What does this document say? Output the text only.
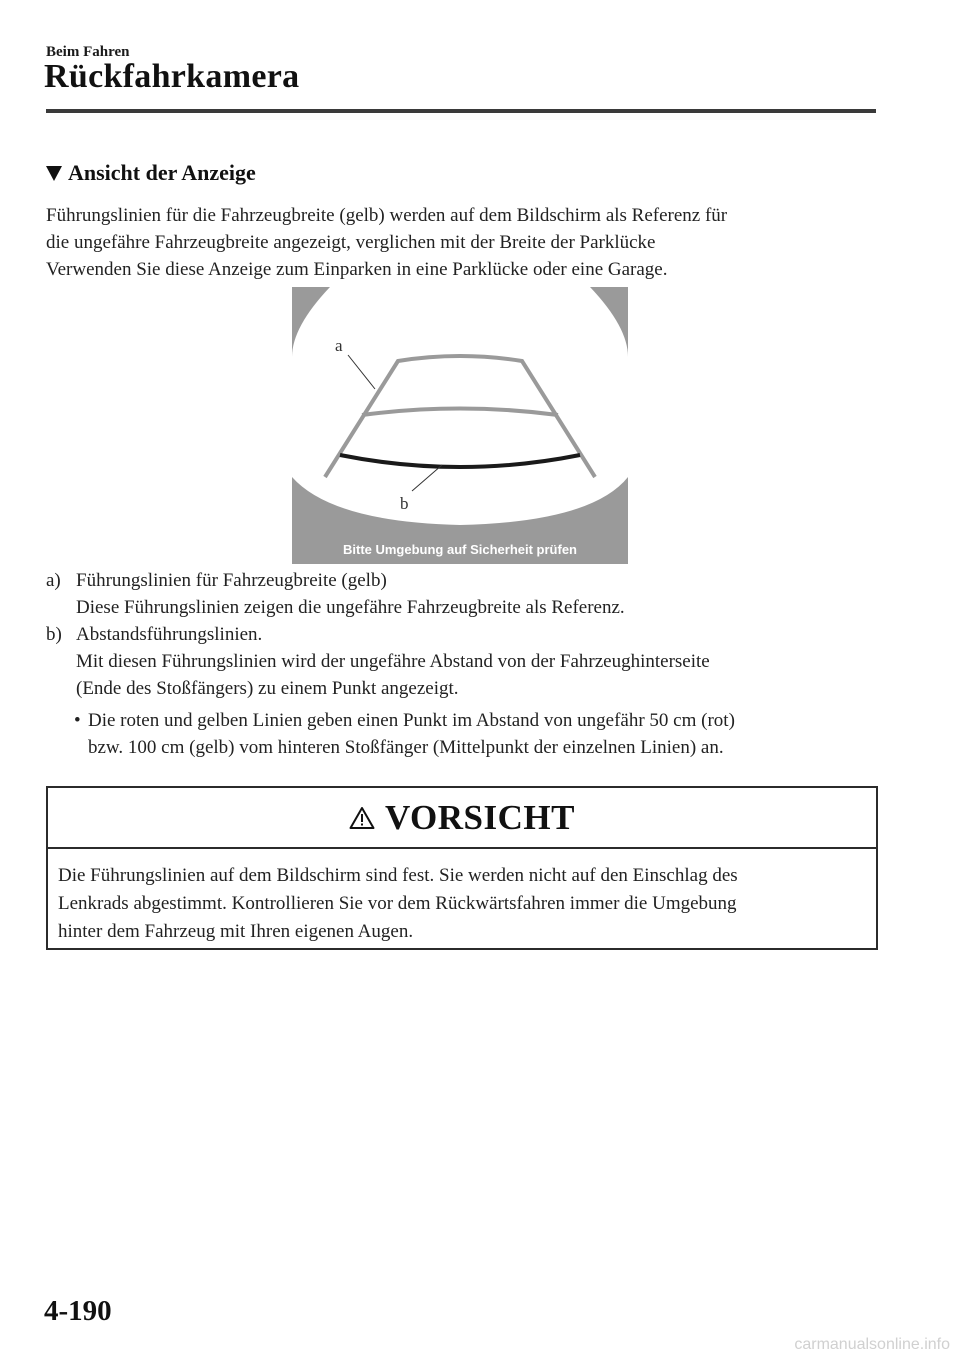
Beim Fahren
Rückfahrkamera
Ansicht der Anzeige
Führungslinien für die Fahrzeugbreite (gelb) werden auf dem Bildschirm als Referenz für
die ungefähre Fahrzeugbreite angezeigt, verglichen mit der Breite der Parklücke
Verwenden Sie diese Anzeige zum Einparken in eine Parklücke oder eine Garage.
a
b
Bitte Umgebung auf Sicherheit prüfen
a) Führungslinien für Fahrzeugbreite (gelb)
Diese Führungslinien zeigen die ungefähre Fahrzeugbreite als Referenz.
b) Abstandsführungslinien.
Mit diesen Führungslinien wird der ungefähre Abstand von der Fahrzeughinterseite
(Ende des Stoßfängers) zu einem Punkt angezeigt.
• Die roten und gelben Linien geben einen Punkt im Abstand von ungefähr 50 cm (rot)
bzw. 100 cm (gelb) vom hinteren Stoßfänger (Mittelpunkt der einzelnen Linien) an.
VORSICHT
Die Führungslinien auf dem Bildschirm sind fest. Sie werden nicht auf den Einschlag des
Lenkrads abgestimmt. Kontrollieren Sie vor dem Rückwärtsfahren immer die Umgebung
hinter dem Fahrzeug mit Ihren eigenen Augen.
4-190
carmanualsonline.info
